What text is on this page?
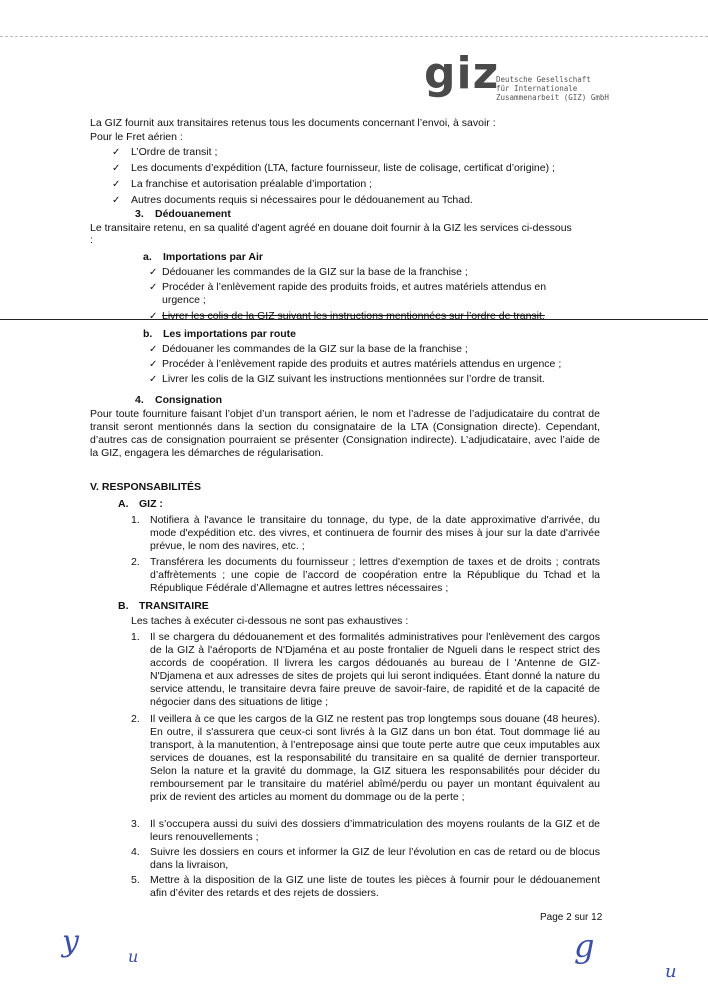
giz
Deutsche Gesellschaft
für Internationale
Zusammenarbeit (GIZ) GmbH
La GIZ fournit aux transitaires retenus tous les documents concernant l’envoi, à savoir :
Pour le Fret aérien :
✓ L’Ordre de transit ;
✓ Les documents d’expédition (LTA, facture fournisseur, liste de colisage, certificat d’origine) ;
✓ La franchise et autorisation préalable d’importation ;
✓ Autres documents requis si nécessaires pour le dédouanement au Tchad.
3. Dédouanement
Le transitaire retenu, en sa qualité d'agent agréé en douane doit fournir à la GIZ les services ci-dessous
:
a. Importations par Air
✓ Dédouaner les commandes de la GIZ sur la base de la franchise ;
✓ Procéder à l’enlèvement rapide des produits froids, et autres matériels attendus en
urgence ;
✓ Livrer les colis de la GIZ suivant les instructions mentionnées sur l’ordre de transit.
b. Les importations par route
✓ Dédouaner les commandes de la GIZ sur la base de la franchise ;
✓ Procéder à l’enlèvement rapide des produits et autres matériels attendus en urgence ;
✓ Livrer les colis de la GIZ suivant les instructions mentionnées sur l’ordre de transit.
4. Consignation
Pour toute fourniture faisant l’objet d’un transport aérien, le nom et l’adresse de l’adjudicataire du contrat de transit seront mentionnés dans la section du consignataire de la LTA (Consignation directe). Cependant, d’autres cas de consignation pourraient se présenter (Consignation indirecte). L’adjudicataire, avec l’aide de la GIZ, engagera les démarches de régularisation.
V. RESPONSABILITÉS
A. GIZ :
1. Notifiera à l'avance le transitaire du tonnage, du type, de la date approximative d'arrivée, du mode d'expédition etc. des vivres, et continuera de fournir des mises à jour sur la date d'arrivée prévue, le nom des navires, etc. ;
2. Transférera les documents du fournisseur ; lettres d'exemption de taxes et de droits ; contrats d’affrètements ; une copie de l’accord de coopération entre la République du Tchad et la République Fédérale d’Allemagne et autres lettres nécessaires ;
B. TRANSITAIRE
Les taches à exécuter ci-dessous ne sont pas exhaustives :
1. Il se chargera du dédouanement et des formalités administratives pour l'enlèvement des cargos de la GIZ à l'aéroports de N'Djaména et au poste frontalier de Ngueli dans le respect strict des accords de coopération. Il livrera les cargos dédouanés au bureau de l 'Antenne de GIZ-N'Djamena et aux adresses de sites de projets qui lui seront indiquées. Étant donné la nature du service attendu, le transitaire devra faire preuve de savoir-faire, de rapidité et de la capacité de négocier dans des situations de litige ;
2. Il veillera à ce que les cargos de la GIZ ne restent pas trop longtemps sous douane (48 heures). En outre, il s'assurera que ceux-ci sont livrés à la GIZ dans un bon état. Tout dommage lié au transport, à la manutention, à l’entreposage ainsi que toute perte autre que ceux imputables aux services de douanes, est la responsabilité du transitaire en sa qualité de dernier transporteur. Selon la nature et la gravité du dommage, la GIZ situera les responsabilités pour décider du remboursement par le transitaire du matériel abîmé/perdu ou payer un montant équivalent au prix de revient des articles au moment du dommage ou de la perte ;
3. Il s’occupera aussi du suivi des dossiers d’immatriculation des moyens roulants de la GIZ et de leurs renouvellements ;
4. Suivre les dossiers en cours et informer la GIZ de leur l’évolution en cas de retard ou de blocus dans la livraison,
5. Mettre à la disposition de la GIZ une liste de toutes les pièces à fournir pour le dédouanement afin d’éviter des retards et des rejets de dossiers.
Page 2 sur 12
y	u	g
u
